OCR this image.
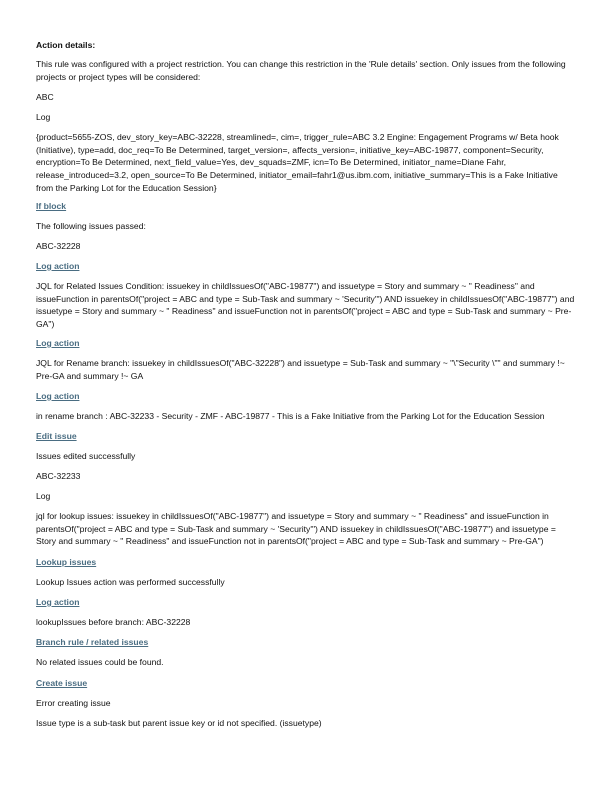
Action details:

This rule was configured with a project restriction. You can change this restriction in the 'Rule details' section. Only issues from the following projects or project types will be considered:

ABC

Log

{product=5655-ZOS, dev_story_key=ABC-32228, streamlined=, cim=, trigger_rule=ABC 3.2 Engine: Engagement Programs w/ Beta hook (Initiative), type=add, doc_req=To Be Determined, target_version=, affects_version=, initiative_key=ABC-19877, component=Security, encryption=To Be Determined, next_field_value=Yes, dev_squads=ZMF, icn=To Be Determined, initiator_name=Diane Fahr, release_introduced=3.2, open_source=To Be Determined, initiator_email=fahr1@us.ibm.com, initiative_summary=This is a Fake Initiative from the Parking Lot for the Education Session}

If block

The following issues passed:

ABC-32228

Log action

JQL for Related Issues Condition: issuekey in childIssuesOf("ABC-19877") and issuetype = Story and summary ~ " Readiness" and issueFunction in parentsOf("project = ABC and type = Sub-Task and summary ~ 'Security'") AND issuekey in childIssuesOf("ABC-19877") and issuetype = Story and summary ~ " Readiness" and issueFunction not in parentsOf("project = ABC and type = Sub-Task and summary ~ Pre-GA")

Log action

JQL for Rename branch: issuekey in childIssuesOf("ABC-32228") and issuetype = Sub-Task and summary ~ "\"Security \"" and summary !~ Pre-GA and summary !~ GA

Log action

in rename branch : ABC-32233 - Security - ZMF - ABC-19877 - This is a Fake Initiative from the Parking Lot for the Education Session

Edit issue

Issues edited successfully

ABC-32233

Log

jql for lookup issues: issuekey in childIssuesOf("ABC-19877") and issuetype = Story and summary ~ " Readiness" and issueFunction in parentsOf("project = ABC and type = Sub-Task and summary ~ 'Security'") AND issuekey in childIssuesOf("ABC-19877") and issuetype = Story and summary ~ " Readiness" and issueFunction not in parentsOf("project = ABC and type = Sub-Task and summary ~ Pre-GA")

Lookup issues

Lookup Issues action was performed successfully

Log action

lookupIssues before branch: ABC-32228

Branch rule / related issues

No related issues could be found.

Create issue

Error creating issue

Issue type is a sub-task but parent issue key or id not specified. (issuetype)
